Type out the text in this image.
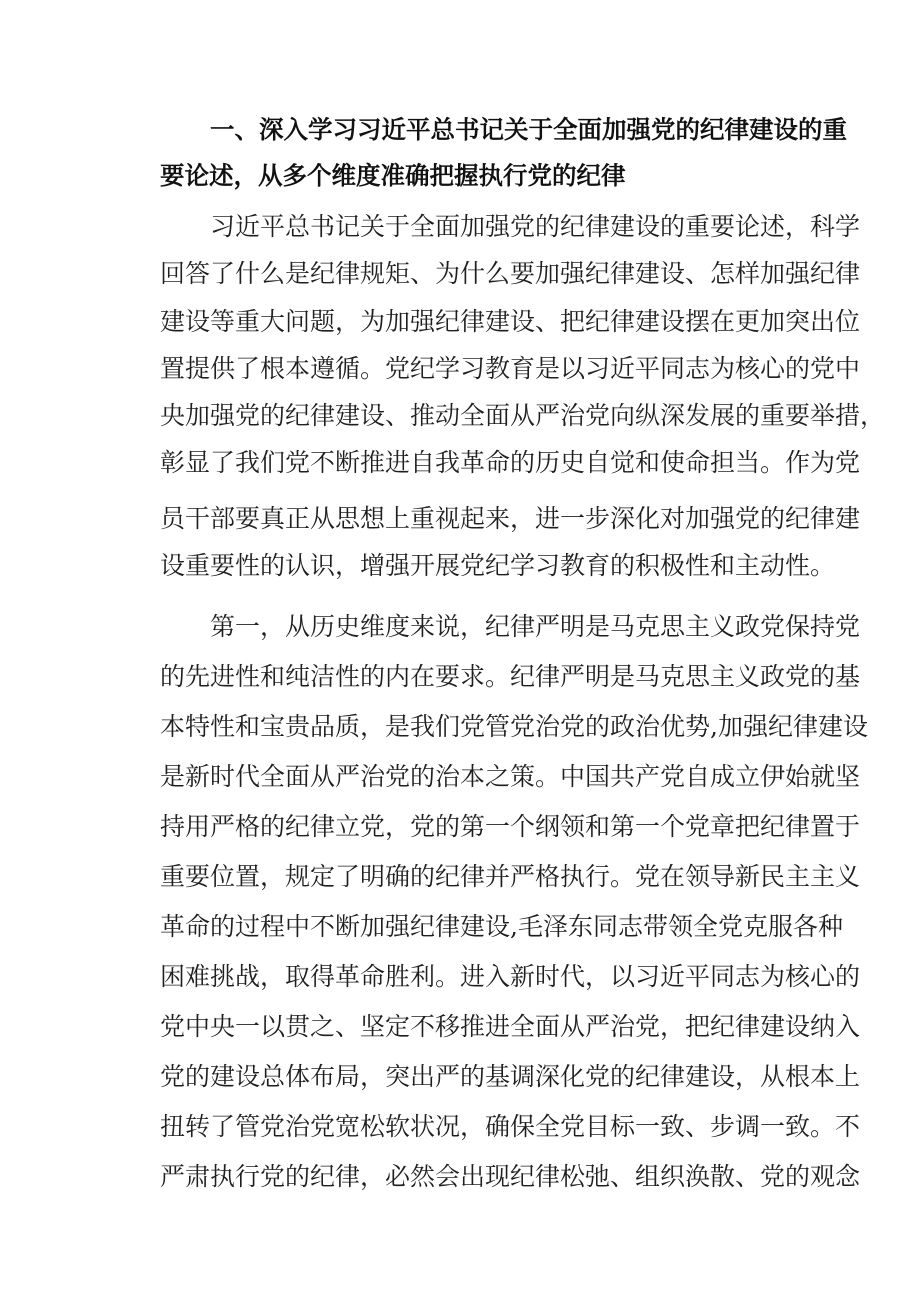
一、深入学习习近平总书记关于全面加强党的纪律建设的重
要论述，从多个维度准确把握执行党的纪律
习近平总书记关于全面加强党的纪律建设的重要论述，科学
回答了什么是纪律规矩、为什么要加强纪律建设、怎样加强纪律
建设等重大问题，为加强纪律建设、把纪律建设摆在更加突出位
置提供了根本遵循。党纪学习教育是以习近平同志为核心的党中
央加强党的纪律建设、推动全面从严治党向纵深发展的重要举措，
彰显了我们党不断推进自我革命的历史自觉和使命担当。作为党
员干部要真正从思想上重视起来，进一步深化对加强党的纪律建
设重要性的认识，增强开展党纪学习教育的积极性和主动性。
第一，从历史维度来说，纪律严明是马克思主义政党保持党
的先进性和纯洁性的内在要求。纪律严明是马克思主义政党的基
本特性和宝贵品质，是我们党管党治党的政治优势,加强纪律建设
是新时代全面从严治党的治本之策。中国共产党自成立伊始就坚
持用严格的纪律立党，党的第一个纲领和第一个党章把纪律置于
重要位置，规定了明确的纪律并严格执行。党在领导新民主主义
革命的过程中不断加强纪律建设,毛泽东同志带领全党克服各种
困难挑战，取得革命胜利。进入新时代，以习近平同志为核心的
党中央一以贯之、坚定不移推进全面从严治党，把纪律建设纳入
党的建设总体布局，突出严的基调深化党的纪律建设，从根本上
扭转了管党治党宽松软状况，确保全党目标一致、步调一致。不
严肃执行党的纪律，必然会出现纪律松弛、组织涣散、党的观念
